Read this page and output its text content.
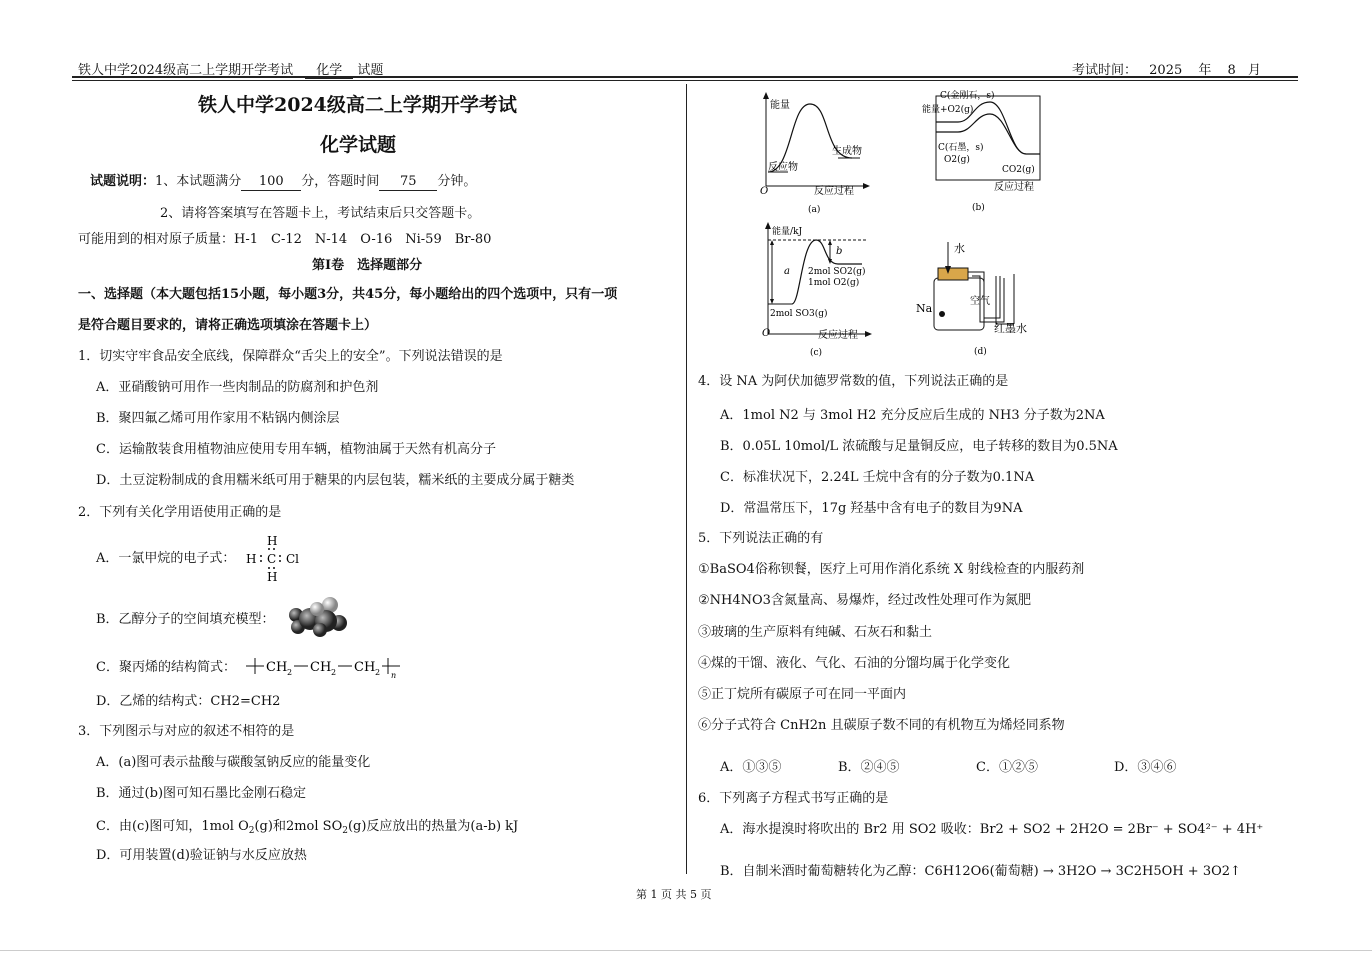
铁人中学2024级高二上学期开学考试 化学 试题	考试时间： 2025 年 8 月
铁人中学2024级高二上学期开学考试
化学试题
试题说明：1、本试题满分 100 分，答题时间 75 分钟。
2、请将答案填写在答题卡上，考试结束后只交答题卡。
可能用到的相对原子质量：H-1　C-12　N-14　O-16　Ni-59　Br-80
第Ⅰ卷　选择题部分
一、选择题（本大题包括15小题，每小题3分，共45分，每小题给出的四个选项中，只有一项
是符合题目要求的，请将正确选项填涂在答题卡上）
1．切实守牢食品安全底线，保障群众“舌尖上的安全”。下列说法错误的是
A．亚硝酸钠可用作一些肉制品的防腐剂和护色剂
B．聚四氟乙烯可用作家用不粘锅内侧涂层
C．运输散装食用植物油应使用专用车辆，植物油属于天然有机高分子
D．土豆淀粉制成的食用糯米纸可用于糖果的内层包装，糯米纸的主要成分属于糖类
2．下列有关化学用语使用正确的是
A．一氯甲烷的电子式：
H
H C Cl
H
B．乙醇分子的空间填充模型：
C．聚丙烯的结构简式： CH 2 CH 2 CH 2 n
D．乙烯的结构式：CH2=CH2
3．下列图示与对应的叙述不相符的是
A．(a)图可表示盐酸与碳酸氢钠反应的能量变化
B．通过(b)图可知石墨比金刚石稳定
C．由(c)图可知，1mol $O_2(g)$和2mol $SO_2(g)$反应放出的热量为(a-b) kJ
D．可用装置(d)验证钠与水反应放热
能量
生成物
反应物
O	反应过程
(a)
能量
C(金刚石，s)
+O2(g)
C(石墨，s)
O2(g)
CO2(g)
反应过程
(b)
能量/kJ
a
b
2mol SO2(g)
1mol O2(g)
2mol SO3(g)
O	反应过程
(c)
水
Na
空气
红墨水
(d)
4．设 NA 为阿伏加德罗常数的值，下列说法正确的是
A．1mol N2 与 3mol H2 充分反应后生成的 NH3 分子数为2NA
B．0.05L 10mol/L 浓硫酸与足量铜反应，电子转移的数目为0.5NA
C．标准状况下，2.24L 壬烷中含有的分子数为0.1NA
D．常温常压下，17g 羟基中含有电子的数目为9NA
5．下列说法正确的有
①BaSO4俗称钡餐，医疗上可用作消化系统 X 射线检查的内服药剂
②NH4NO3含氮量高、易爆炸，经过改性处理可作为氮肥
③玻璃的生产原料有纯碱、石灰石和黏土
④煤的干馏、液化、气化、石油的分馏均属于化学变化
⑤正丁烷所有碳原子可在同一平面内
⑥分子式符合 CnH2n 且碳原子数不同的有机物互为烯烃同系物
A．①③⑤	B．②④⑤	C．①②⑤	D．③④⑥
6．下列离子方程式书写正确的是
A．海水提溴时将吹出的 Br2 用 SO2 吸收：Br2 + SO2 + 2H2O = 2Br⁻ + SO4²⁻ + 4H⁺
B．自制米酒时葡萄糖转化为乙醇：C6H12O6(葡萄糖) → 3H2O → 3C2H5OH + 3O2↑
第 1 页 共 5 页
